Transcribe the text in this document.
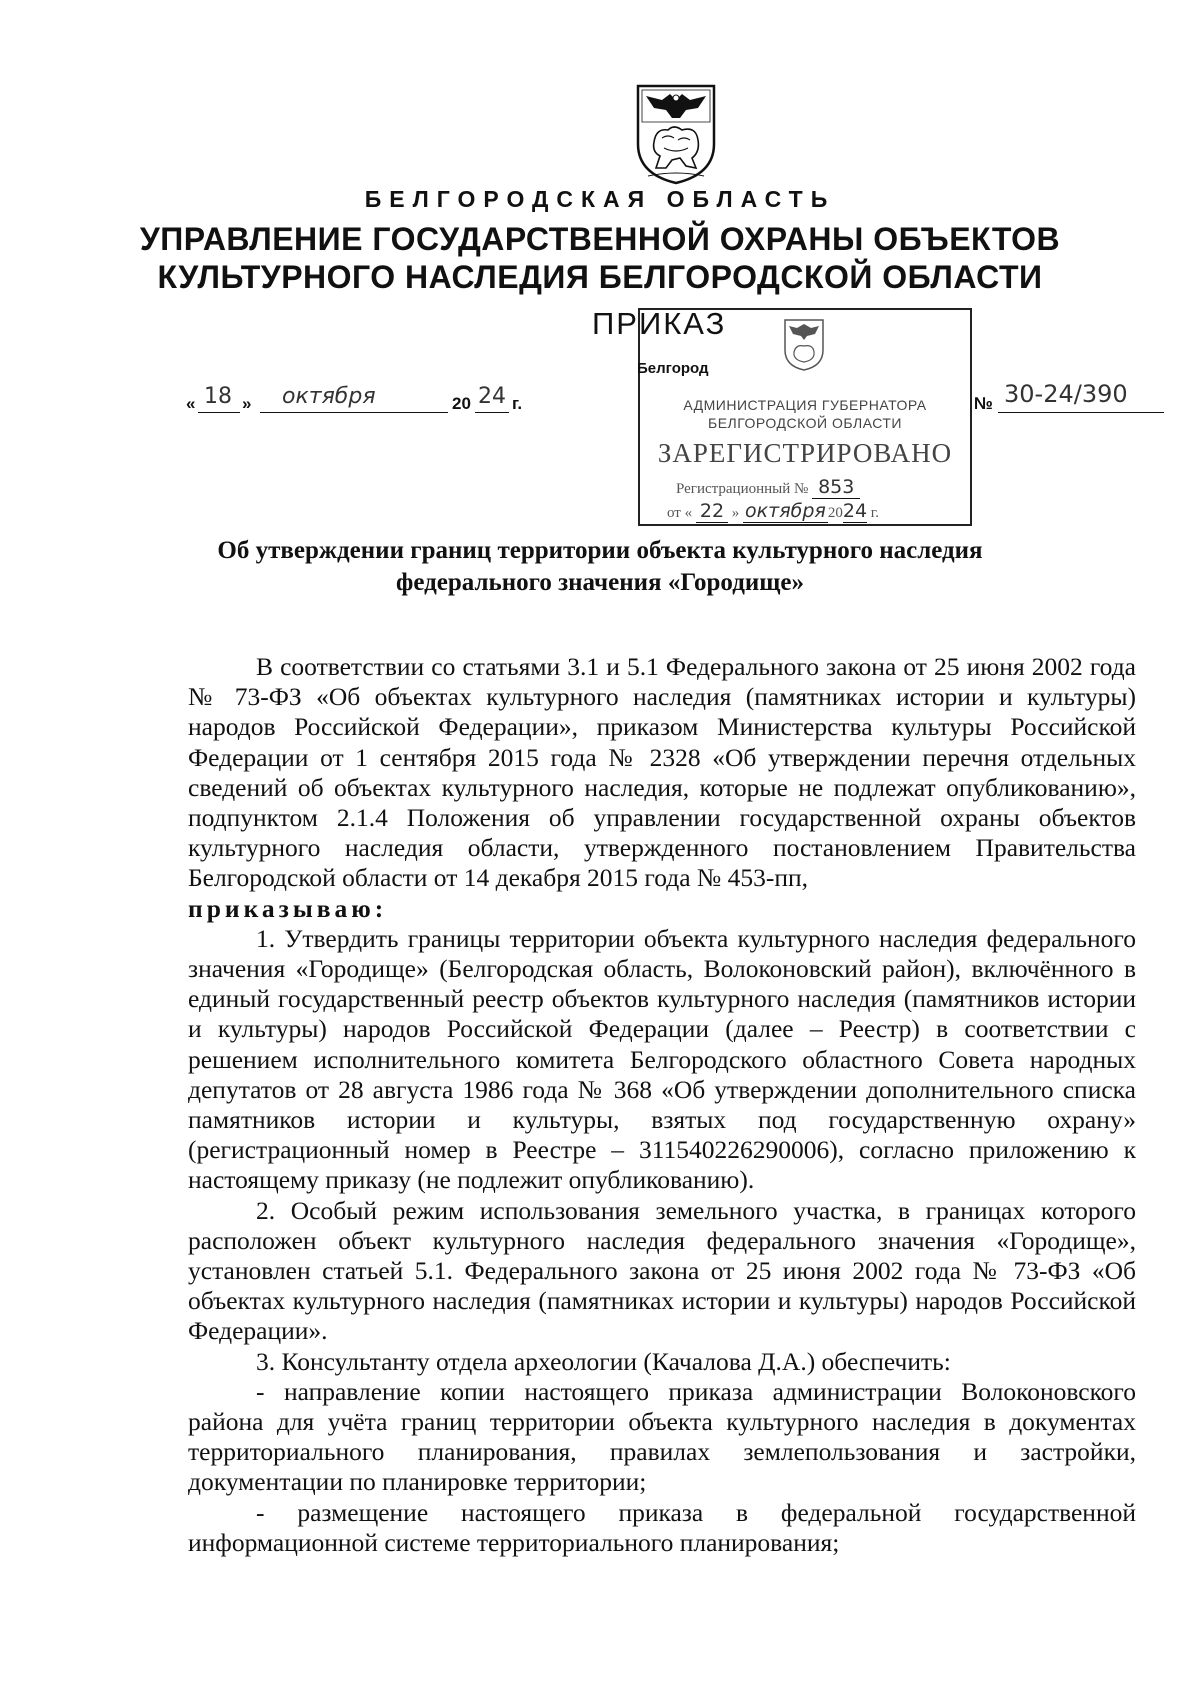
БЕЛГОРОДСКАЯ ОБЛАСТЬ
УПРАВЛЕНИЕ ГОСУДАРСТВЕННОЙ ОХРАНЫ ОБЪЕКТОВ
КУЛЬТУРНОГО НАСЛЕДИЯ БЕЛГОРОДСКОЙ ОБЛАСТИ
ПРИКАЗ
Белгород
АДМИНИСТРАЦИЯ ГУБЕРНАТОРА
БЕЛГОРОДСКОЙ ОБЛАСТИ
ЗАРЕГИСТРИРОВАНО
Регистрационный № 853
от « 22 » октября 2024 г.
« 18 » октября	20 24 г.	№ 30-24/390
Об утверждении границ территории объекта культурного наследия
федерального значения «Городище»

В соответствии со статьями 3.1 и 5.1 Федерального закона от 25 июня 2002 года № 73-ФЗ «Об объектах культурного наследия (памятниках истории и культуры) народов Российской Федерации», приказом Министерства культуры Российской Федерации от 1 сентября 2015 года № 2328 «Об утверждении перечня отдельных сведений об объектах культурного наследия, которые не подлежат опубликованию», подпунктом 2.1.4 Положения об управлении государственной охраны объектов культурного наследия области, утвержденного постановлением Правительства Белгородской области от 14 декабря 2015 года № 453-пп,

приказываю:

1. Утвердить границы территории объекта культурного наследия федерального значения «Городище» (Белгородская область, Волоконовский район), включённого в единый государственный реестр объектов культурного наследия (памятников истории и культуры) народов Российской Федерации (далее – Реестр) в соответствии с решением исполнительного комитета Белгородского областного Совета народных депутатов от 28 августа 1986 года № 368 «Об утверждении дополнительного списка памятников истории и культуры, взятых под государственную охрану» (регистрационный номер в Реестре – 311540226290006), согласно приложению к настоящему приказу (не подлежит опубликованию).

2. Особый режим использования земельного участка, в границах которого расположен объект культурного наследия федерального значения «Городище», установлен статьей 5.1. Федерального закона от 25 июня 2002 года № 73-ФЗ «Об объектах культурного наследия (памятниках истории и культуры) народов Российской Федерации».

3. Консультанту отдела археологии (Качалова Д.А.) обеспечить:

- направление копии настоящего приказа администрации Волоконовского района для учёта границ территории объекта культурного наследия в документах территориального планирования, правилах землепользования и застройки, документации по планировке территории;

- размещение настоящего приказа в федеральной государственной информационной системе территориального планирования;
